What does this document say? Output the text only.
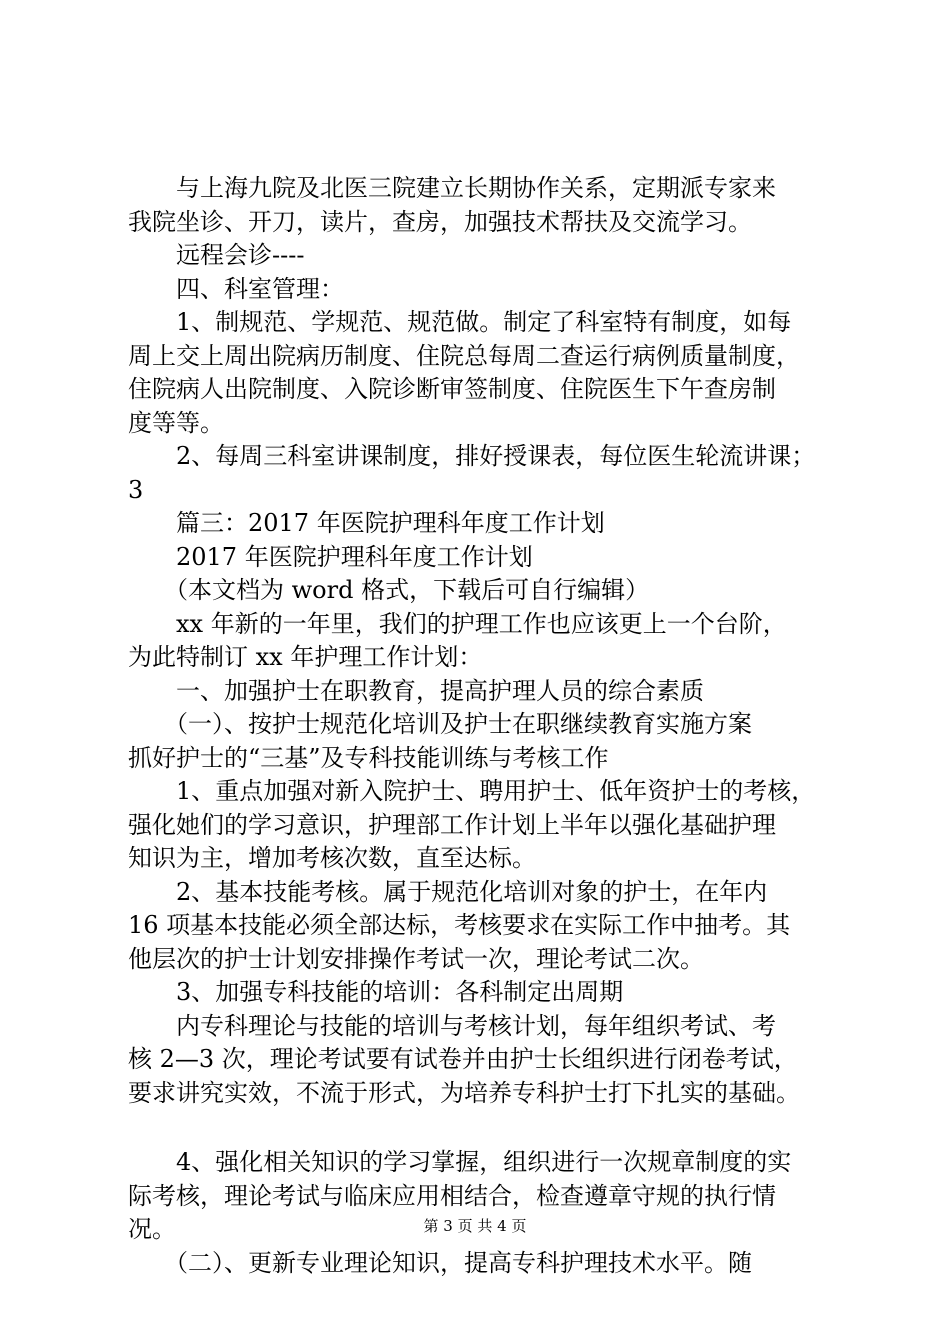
　　与上海九院及北医三院建立长期协作关系，定期派专家来
我院坐诊、开刀，读片，查房，加强技术帮扶及交流学习。
　　远程会诊----
　　四、科室管理：
　　1、制规范、学规范、规范做。制定了科室特有制度，如每
周上交上周出院病历制度、住院总每周二查运行病例质量制度，
住院病人出院制度、入院诊断审签制度、住院医生下午查房制
度等等。
　　2、每周三科室讲课制度，排好授课表，每位医生轮流讲课；
3
　　篇三：2017 年医院护理科年度工作计划
　　2017 年医院护理科年度工作计划
　　（本文档为 word 格式，下载后可自行编辑）
　　xx 年新的一年里，我们的护理工作也应该更上一个台阶，
为此特制订 xx 年护理工作计划：
　　一、加强护士在职教育，提高护理人员的综合素质
　　（一）、按护士规范化培训及护士在职继续教育实施方案
抓好护士的“三基”及专科技能训练与考核工作
　　1、重点加强对新入院护士、聘用护士、低年资护士的考核，
强化她们的学习意识，护理部工作计划上半年以强化基础护理
知识为主，增加考核次数，直至达标。
　　2、基本技能考核。属于规范化培训对象的护士，在年内
16 项基本技能必须全部达标，考核要求在实际工作中抽考。其
他层次的护士计划安排操作考试一次，理论考试二次。
　　3、加强专科技能的培训：各科制定出周期
　　内专科理论与技能的培训与考核计划，每年组织考试、考
核 2—3 次，理论考试要有试卷并由护士长组织进行闭卷考试，
要求讲究实效，不流于形式，为培养专科护士打下扎实的基础。
　　4、强化相关知识的学习掌握，组织进行一次规章制度的实
际考核，理论考试与临床应用相结合，检查遵章守规的执行情
况。
　　（二）、更新专业理论知识，提高专科护理技术水平。随
第 3 页 共 4 页
